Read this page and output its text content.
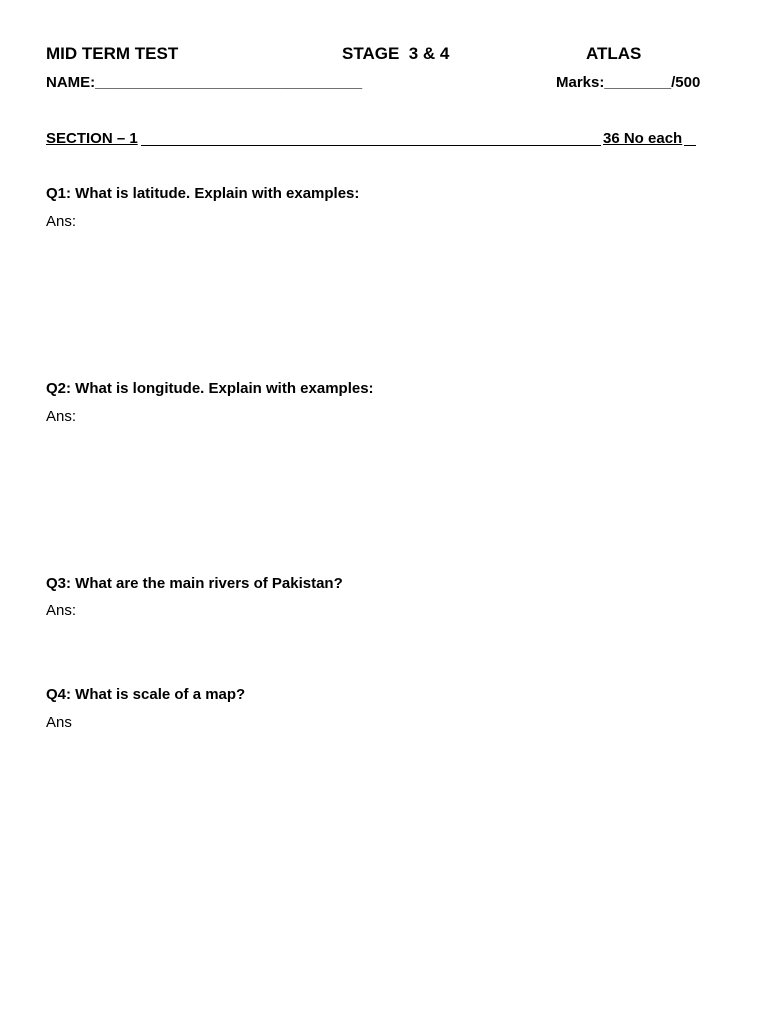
MID TERM TEST	STAGE  3 & 4	ATLAS
NAME:________________________________	Marks:________/500

SECTION – 1

	36 No each

Q1: What is latitude. Explain with examples:
Ans:
Q2: What is longitude. Explain with examples:
Ans:
Q3: What are the main rivers of Pakistan?
Ans:
Q4: What is scale of a map?
Ans
